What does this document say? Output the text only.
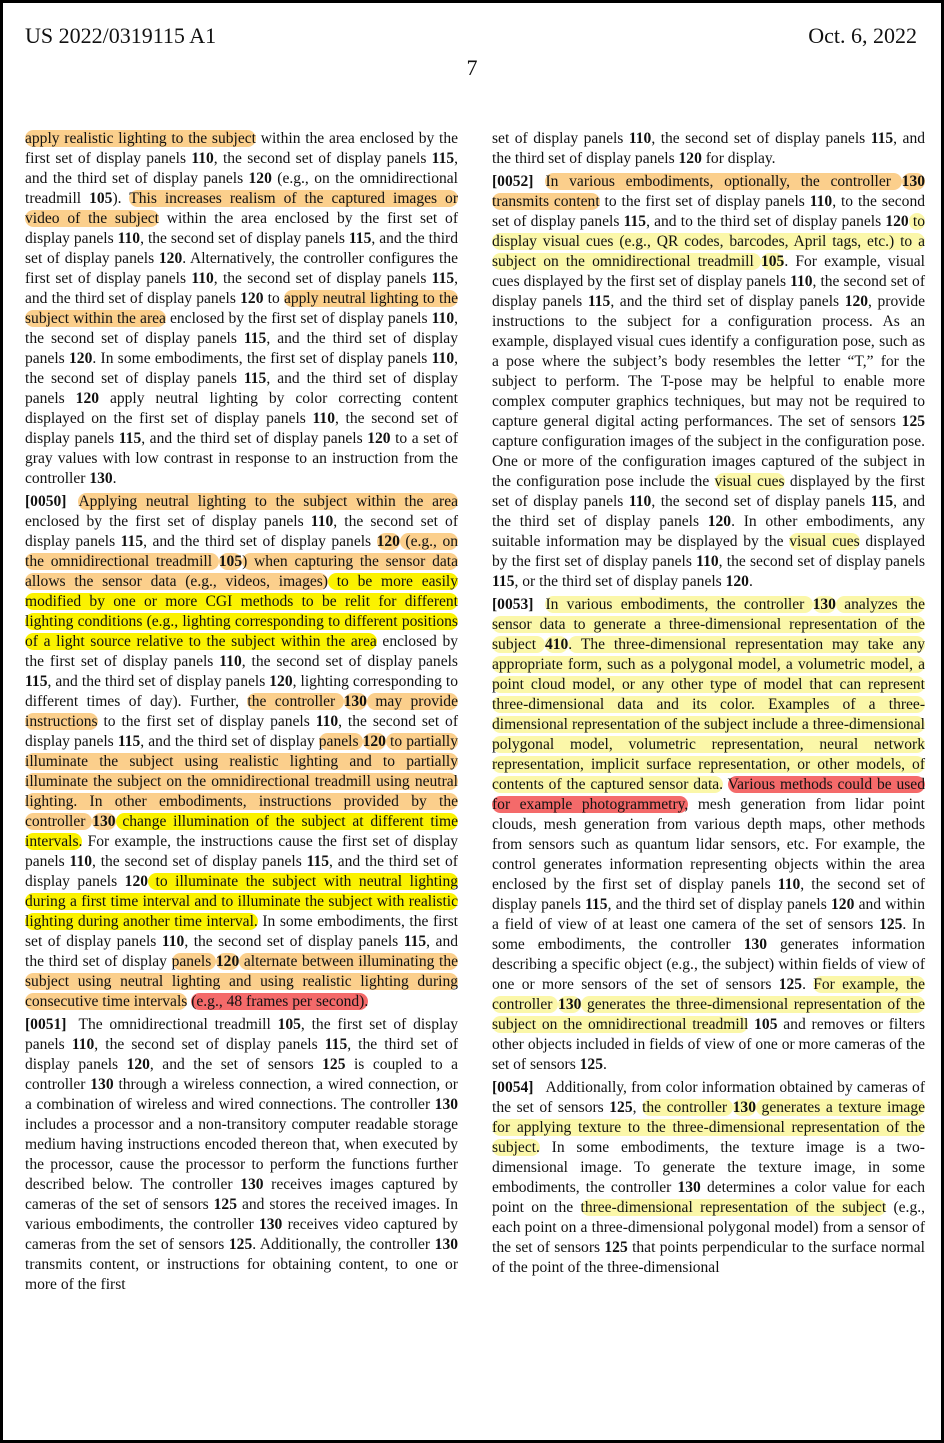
US 2022/0319115 A1	Oct. 6, 2022
7

apply realistic lighting to the subject within the area enclosed by the first set of display panels 110, the second set of display panels 115, and the third set of display panels 120 (e.g., on the omnidirectional treadmill 105). This increases realism of the captured images or video of the subject within the area enclosed by the first set of display panels 110, the second set of display panels 115, and the third set of display panels 120. Alternatively, the controller configures the first set of display panels 110, the second set of display panels 115, and the third set of display panels 120 to apply neutral lighting to the subject within the area enclosed by the first set of display panels 110, the second set of display panels 115, and the third set of display panels 120. In some embodiments, the first set of display panels 110, the second set of display panels 115, and the third set of display panels 120 apply neutral lighting by color correcting content displayed on the first set of display panels 110, the second set of display panels 115, and the third set of display panels 120 to a set of gray values with low contrast in response to an instruction from the controller 130.

[0050] Applying neutral lighting to the subject within the area enclosed by the first set of display panels 110, the second set of display panels 115, and the third set of display panels 120 (e.g., on the omnidirectional treadmill 105) when capturing the sensor data allows the sensor data (e.g., videos, images) to be more easily modified by one or more CGI methods to be relit for different lighting conditions (e.g., lighting corresponding to different positions of a light source relative to the subject within the area enclosed by the first set of display panels 110, the second set of display panels 115, and the third set of display panels 120, lighting corresponding to different times of day). Further, the controller 130 may provide instructions to the first set of display panels 110, the second set of display panels 115, and the third set of display panels 120 to partially illuminate the subject using realistic lighting and to partially illuminate the subject on the omnidirectional treadmill using neutral lighting. In other embodiments, instructions provided by the controller 130 change illumination of the subject at different time intervals. For example, the instructions cause the first set of display panels 110, the second set of display panels 115, and the third set of display panels 120 to illuminate the subject with neutral lighting during a first time interval and to illuminate the subject with realistic lighting during another time interval. In some embodiments, the first set of display panels 110, the second set of display panels 115, and the third set of display panels 120 alternate between illuminating the subject using neutral lighting and using realistic lighting during consecutive time intervals (e.g., 48 frames per second).

[0051] The omnidirectional treadmill 105, the first set of display panels 110, the second set of display panels 115, the third set of display panels 120, and the set of sensors 125 is coupled to a controller 130 through a wireless connection, a wired connection, or a combination of wireless and wired connections. The controller 130 includes a processor and a non-transitory computer readable storage medium having instructions encoded thereon that, when executed by the processor, cause the processor to perform the functions further described below. The controller 130 receives images captured by cameras of the set of sensors 125 and stores the received images. In various embodiments, the controller 130 receives video captured by cameras from the set of sensors 125. Additionally, the controller 130 transmits content, or instructions for obtaining content, to one or more of the first

set of display panels 110, the second set of display panels 115, and the third set of display panels 120 for display.

[0052] In various embodiments, optionally, the controller 130 transmits content to the first set of display panels 110, to the second set of display panels 115, and to the third set of display panels 120 to display visual cues (e.g., QR codes, barcodes, April tags, etc.) to a subject on the omnidirectional treadmill 105. For example, visual cues displayed by the first set of display panels 110, the second set of display panels 115, and the third set of display panels 120, provide instructions to the subject for a configuration process. As an example, displayed visual cues identify a configuration pose, such as a pose where the subject’s body resembles the letter “T,” for the subject to perform. The T-pose may be helpful to enable more complex computer graphics techniques, but may not be required to capture general digital acting performances. The set of sensors 125 capture configuration images of the subject in the configuration pose. One or more of the configuration images captured of the subject in the configuration pose include the visual cues displayed by the first set of display panels 110, the second set of display panels 115, and the third set of display panels 120. In other embodiments, any suitable information may be displayed by the visual cues displayed by the first set of display panels 110, the second set of display panels 115, or the third set of display panels 120.

[0053] In various embodiments, the controller 130 analyzes the sensor data to generate a three-dimensional representation of the subject 410. The three-dimensional representation may take any appropriate form, such as a polygonal model, a volumetric model, a point cloud model, or any other type of model that can represent three-dimensional data and its color. Examples of a three-dimensional representation of the subject include a three-dimensional polygonal model, volumetric representation, neural network representation, implicit surface representation, or other models, of contents of the captured sensor data. Various methods could be used for example photogrammetry, mesh generation from lidar point clouds, mesh generation from various depth maps, other methods from sensors such as quantum lidar sensors, etc. For example, the control generates information representing objects within the area enclosed by the first set of display panels 110, the second set of display panels 115, and the third set of display panels 120 and within a field of view of at least one camera of the set of sensors 125. In some embodiments, the controller 130 generates information describing a specific object (e.g., the subject) within fields of view of one or more sensors of the set of sensors 125. For example, the controller 130 generates the three-dimensional representation of the subject on the omnidirectional treadmill 105 and removes or filters other objects included in fields of view of one or more cameras of the set of sensors 125.

[0054] Additionally, from color information obtained by cameras of the set of sensors 125, the controller 130 generates a texture image for applying texture to the three-dimensional representation of the subject. In some embodiments, the texture image is a two-dimensional image. To generate the texture image, in some embodiments, the controller 130 determines a color value for each point on the three-dimensional representation of the subject (e.g., each point on a three-dimensional polygonal model) from a sensor of the set of sensors 125 that points perpendicular to the surface normal of the point of the three-dimensional
